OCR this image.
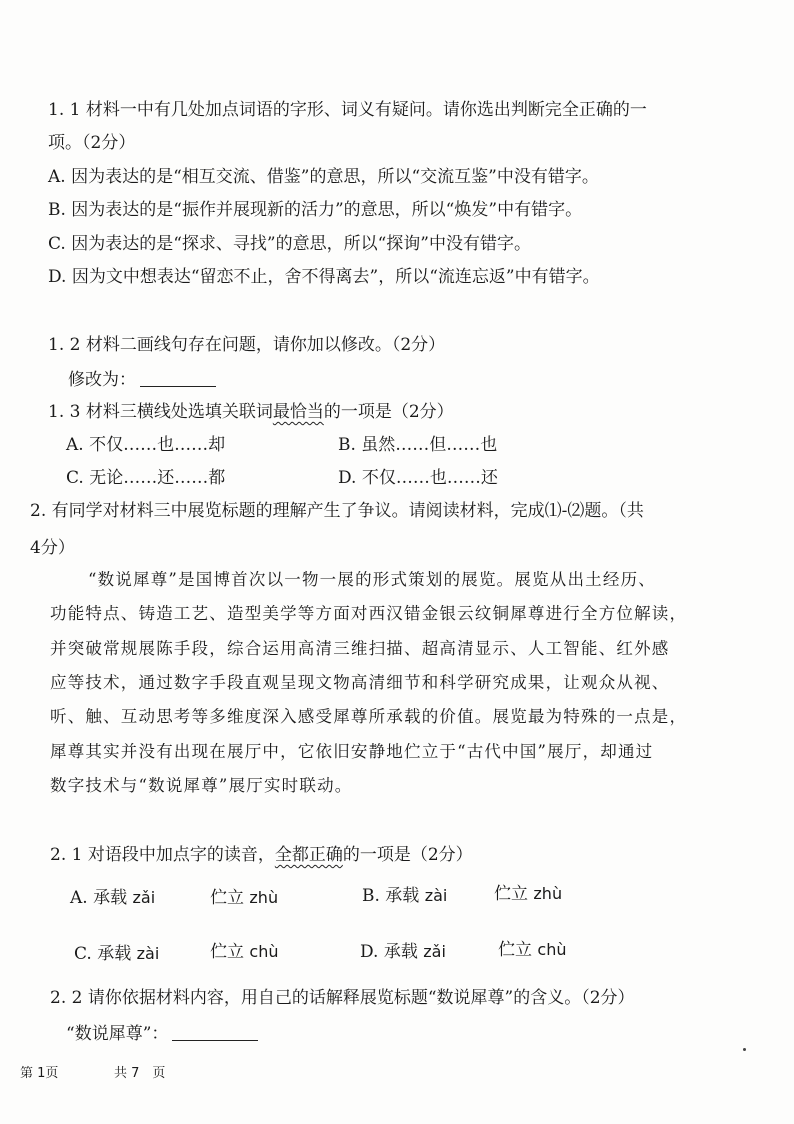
1. 1 材料一中有几处加点词语的字形、词义有疑问。请你选出判断完全正确的一
项。（2分）
A. 因为表达的是“相互交流、借鉴”的意思，所以“交流互鉴”中没有错字。
B. 因为表达的是“振作并展现新的活力”的意思，所以“焕发”中有错字。
C. 因为表达的是“探求、寻找”的意思，所以“探询”中没有错字。
D. 因为文中想表达“留恋不止，舍不得离去”，所以“流连忘返”中有错字。
1. 2 材料二画线句存在问题，请你加以修改。（2分）
修改为：
1. 3 材料三横线处选填关联词最恰当的一项是（2分）
A. 不仅……也……却	B. 虽然……但……也
C. 无论……还……都	D. 不仅……也……还
2. 有同学对材料三中展览标题的理解产生了争议。请阅读材料，完成⑴-⑵题。（共
4分）
“数说犀尊”是国博首次以一物一展的形式策划的展览。展览从出土经历、
功能特点、铸造工艺、造型美学等方面对西汉错金银云纹铜犀尊进行全方位解读，
并突破常规展陈手段，综合运用高清三维扫描、超高清显示、人工智能、红外感
应等技术，通过数字手段直观呈现文物高清细节和科学研究成果，让观众从视、
听、触、互动思考等多维度深入感受犀尊所承载的价值。展览最为特殊的一点是，
犀尊其实并没有出现在展厅中，它依旧安静地伫立于“古代中国”展厅，却通过
数字技术与“数说犀尊”展厅实时联动。
2. 1 对语段中加点字的读音，全都正确的一项是（2分）
A. 承载 zǎi	伫立 zhù	B. 承载 zài	伫立 zhù
C. 承载 zài	伫立 chù	D. 承载 zǎi	伫立 chù
2. 2 请你依据材料内容，用自己的话解释展览标题“数说犀尊”的含义。（2分）
“数说犀尊”：
第 1页	共 7　页
